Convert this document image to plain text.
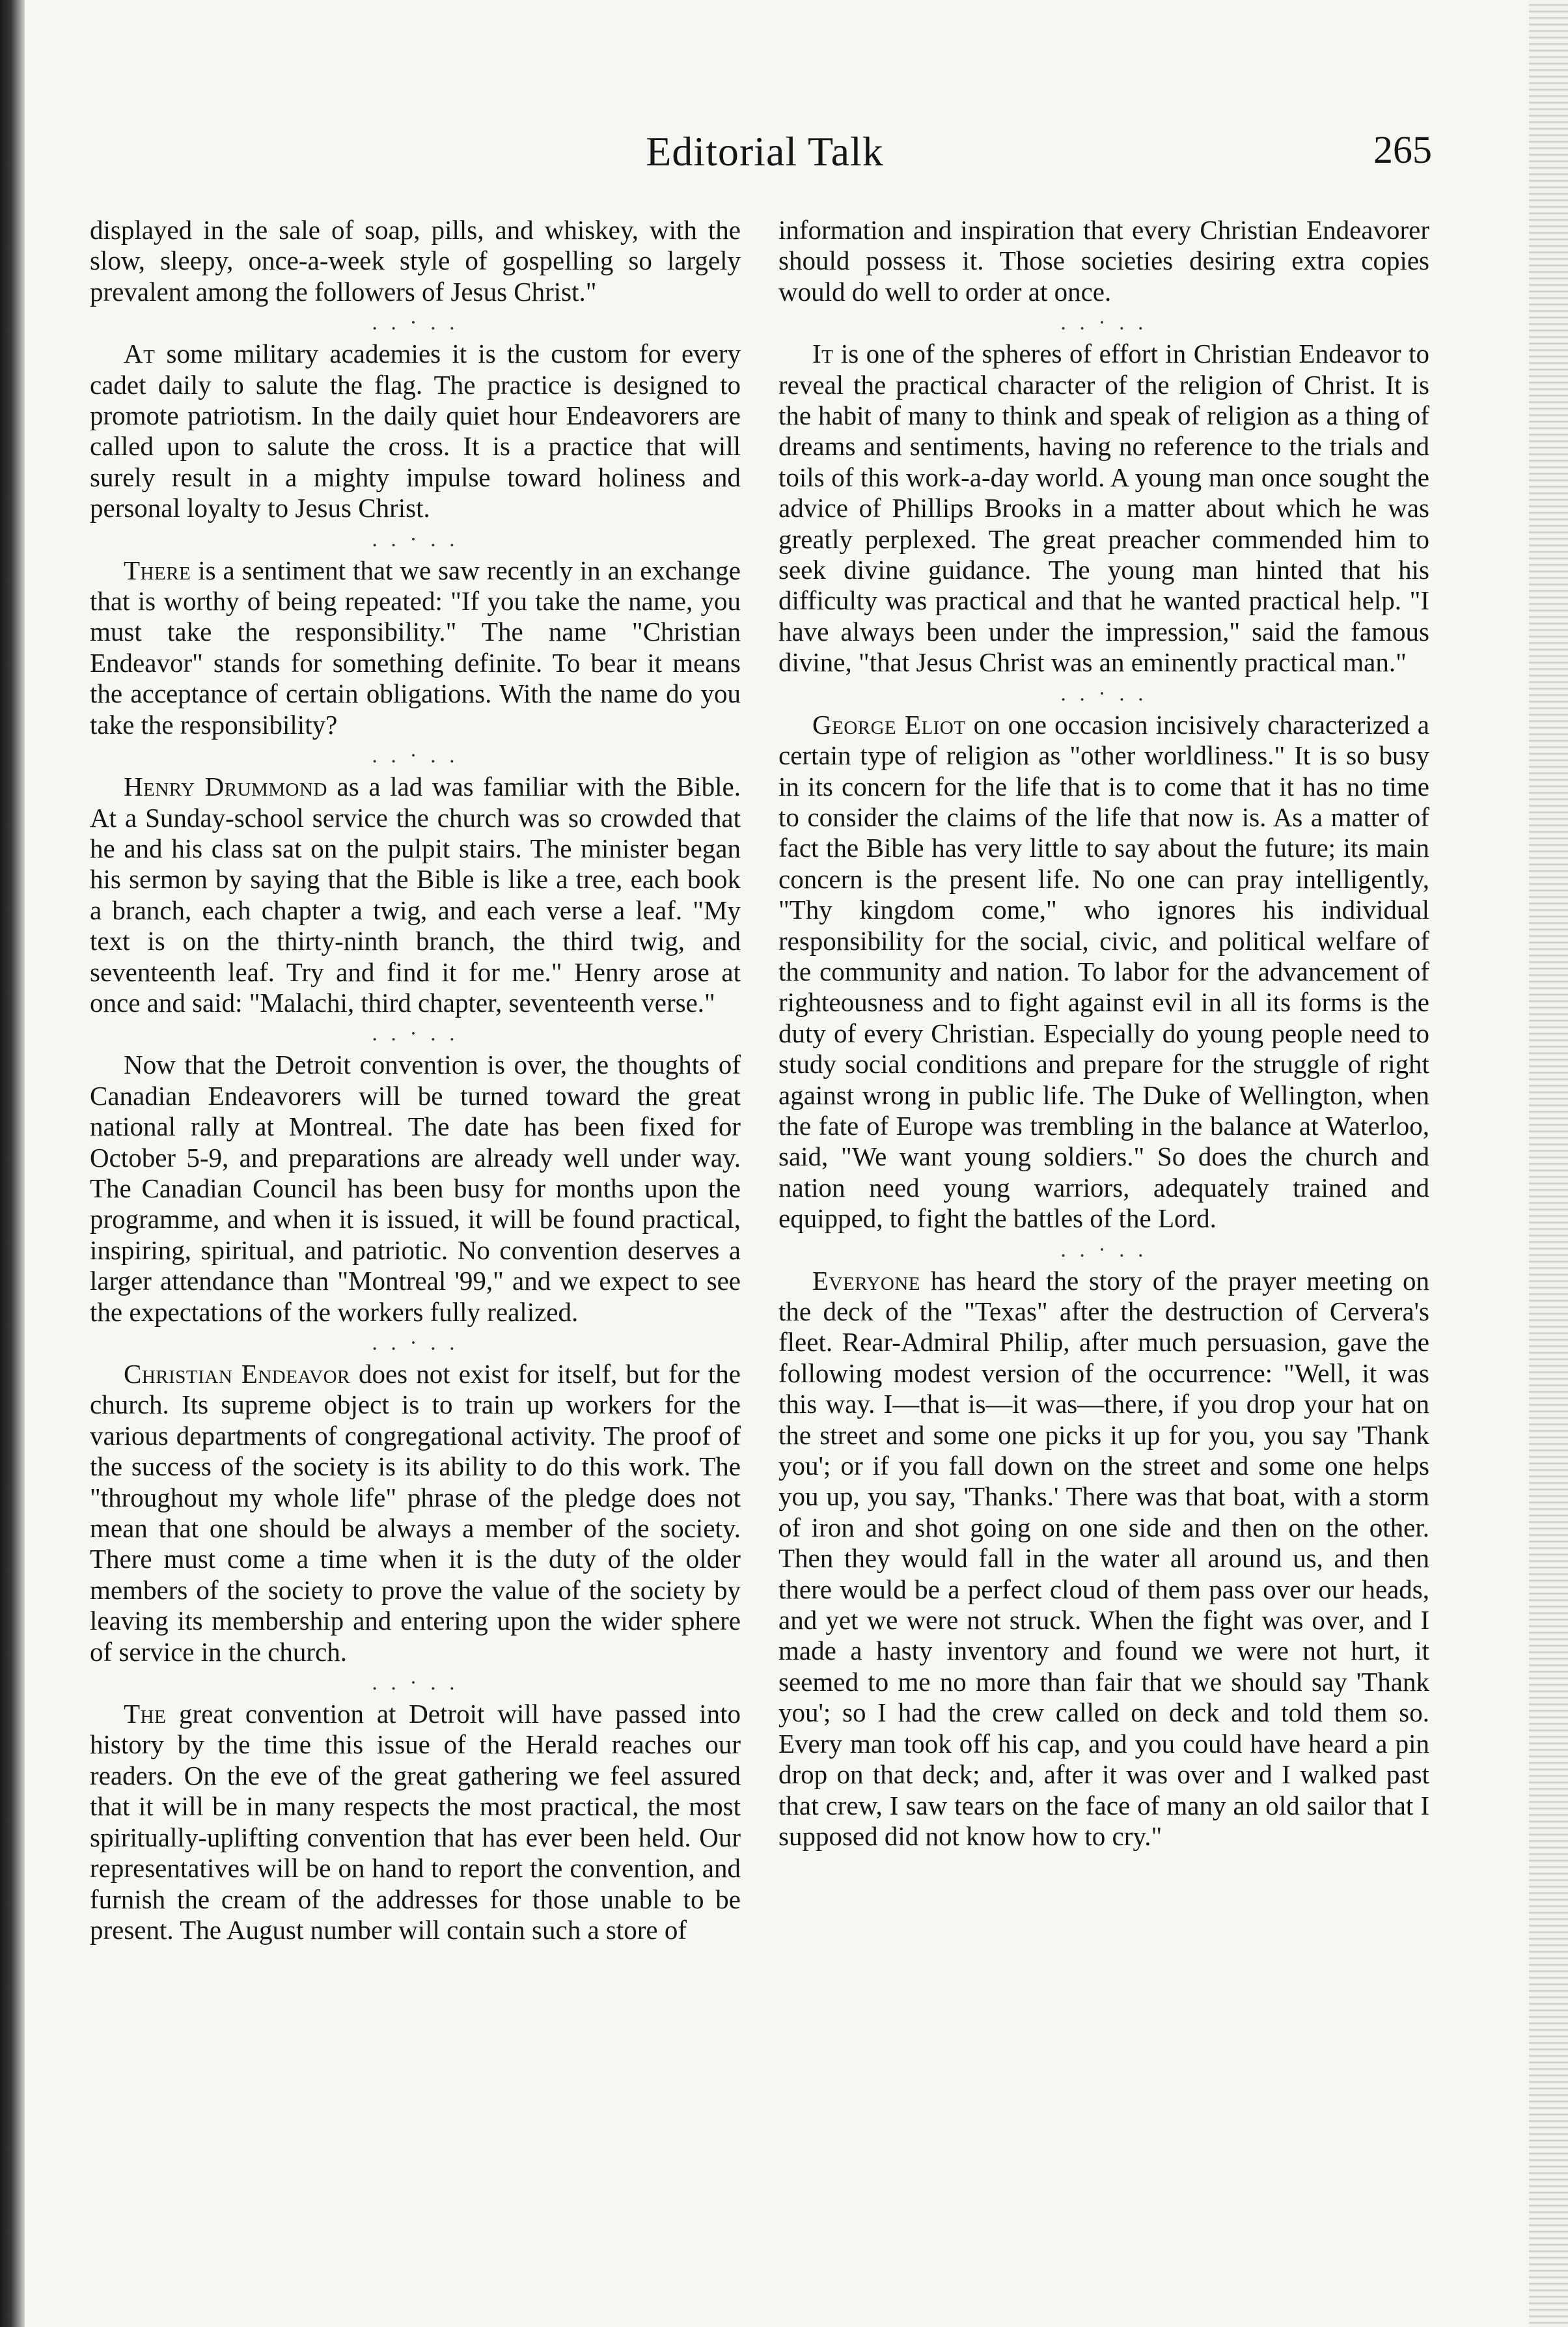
Editorial Talk	265

displayed in the sale of soap, pills, and whiskey, with the slow, sleepy, once-a-week style of gospelling so largely prevalent among the followers of Jesus Christ."

. . · . .

At some military academies it is the custom for every cadet daily to salute the flag. The practice is designed to promote patriotism. In the daily quiet hour Endeavorers are called upon to salute the cross. It is a practice that will surely result in a mighty impulse toward holiness and personal loyalty to Jesus Christ.

. . · . .

There is a sentiment that we saw recently in an exchange that is worthy of being repeated: "If you take the name, you must take the responsibility." The name "Christian Endeavor" stands for something definite. To bear it means the acceptance of certain obligations. With the name do you take the responsibility?

. . · . .

Henry Drummond as a lad was familiar with the Bible. At a Sunday-school service the church was so crowded that he and his class sat on the pulpit stairs. The minister began his sermon by saying that the Bible is like a tree, each book a branch, each chapter a twig, and each verse a leaf. "My text is on the thirty-ninth branch, the third twig, and seventeenth leaf. Try and find it for me." Henry arose at once and said: "Malachi, third chapter, seventeenth verse."

. . · . .

Now that the Detroit convention is over, the thoughts of Canadian Endeavorers will be turned toward the great national rally at Montreal. The date has been fixed for October 5-9, and preparations are already well under way. The Canadian Council has been busy for months upon the programme, and when it is issued, it will be found practical, inspiring, spiritual, and patriotic. No convention deserves a larger attendance than "Montreal '99," and we expect to see the expectations of the workers fully realized.

. . · . .

Christian Endeavor does not exist for itself, but for the church. Its supreme object is to train up workers for the various departments of congregational activity. The proof of the success of the society is its ability to do this work. The "throughout my whole life" phrase of the pledge does not mean that one should be always a member of the society. There must come a time when it is the duty of the older members of the society to prove the value of the society by leaving its membership and entering upon the wider sphere of service in the church.

. . · . .

The great convention at Detroit will have passed into history by the time this issue of the Herald reaches our readers. On the eve of the great gathering we feel assured that it will be in many respects the most practical, the most spiritually-uplifting convention that has ever been held. Our representatives will be on hand to report the convention, and furnish the cream of the addresses for those unable to be present. The August number will contain such a store of

information and inspiration that every Christian Endeavorer should possess it. Those societies desiring extra copies would do well to order at once.

. . · . .

It is one of the spheres of effort in Christian Endeavor to reveal the practical character of the religion of Christ. It is the habit of many to think and speak of religion as a thing of dreams and sentiments, having no reference to the trials and toils of this work-a-day world. A young man once sought the advice of Phillips Brooks in a matter about which he was greatly perplexed. The great preacher commended him to seek divine guidance. The young man hinted that his difficulty was practical and that he wanted practical help. "I have always been under the impression," said the famous divine, "that Jesus Christ was an eminently practical man."

. . · . .

George Eliot on one occasion incisively characterized a certain type of religion as "other worldliness." It is so busy in its concern for the life that is to come that it has no time to consider the claims of the life that now is. As a matter of fact the Bible has very little to say about the future; its main concern is the present life. No one can pray intelligently, "Thy kingdom come," who ignores his individual responsibility for the social, civic, and political welfare of the community and nation. To labor for the advancement of righteousness and to fight against evil in all its forms is the duty of every Christian. Especially do young people need to study social conditions and prepare for the struggle of right against wrong in public life. The Duke of Wellington, when the fate of Europe was trembling in the balance at Waterloo, said, "We want young soldiers." So does the church and nation need young warriors, adequately trained and equipped, to fight the battles of the Lord.

. . · . .

Everyone has heard the story of the prayer meeting on the deck of the "Texas" after the destruction of Cervera's fleet. Rear-Admiral Philip, after much persuasion, gave the following modest version of the occurrence: "Well, it was this way. I—that is—it was—there, if you drop your hat on the street and some one picks it up for you, you say 'Thank you'; or if you fall down on the street and some one helps you up, you say, 'Thanks.' There was that boat, with a storm of iron and shot going on one side and then on the other. Then they would fall in the water all around us, and then there would be a perfect cloud of them pass over our heads, and yet we were not struck. When the fight was over, and I made a hasty inventory and found we were not hurt, it seemed to me no more than fair that we should say 'Thank you'; so I had the crew called on deck and told them so. Every man took off his cap, and you could have heard a pin drop on that deck; and, after it was over and I walked past that crew, I saw tears on the face of many an old sailor that I supposed did not know how to cry."
